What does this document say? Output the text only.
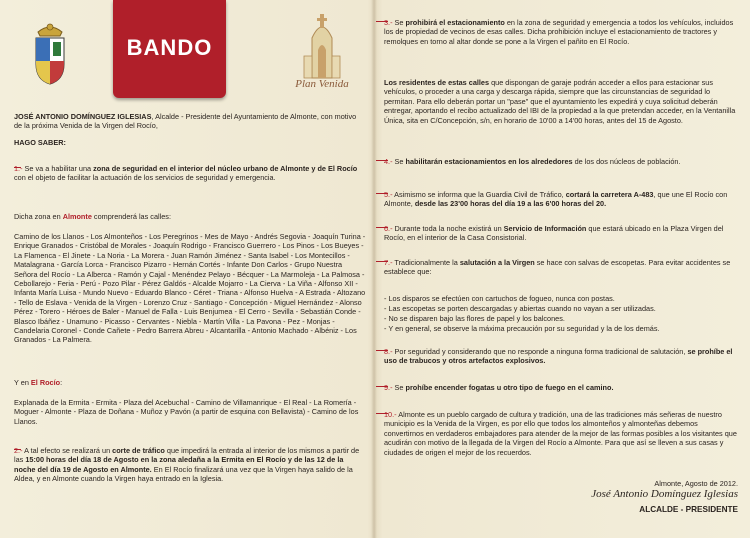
BANDO
Plan Venida

JOSÉ ANTONIO DOMÍNGUEZ IGLESIAS, Alcalde - Presidente del Ayuntamiento de Almonte, con motivo de la próxima Venida de la Virgen del Rocío,

HAGO SABER:

1.- Se va a habilitar una zona de seguridad en el interior del núcleo urbano de Almonte y de El Rocío con el objeto de facilitar la actuación de los servicios de seguridad y emergencia.

Dicha zona en Almonte comprenderá las calles:

Camino de los Llanos - Los Almonteños - Los Peregrinos - Mes de Mayo - Andrés Segovia - Joaquín Turina - Enrique Granados - Cristóbal de Morales - Joaquín Rodrigo - Francisco Guerrero - Los Pinos - Los Bueyes - La Flamenca - El Jinete - La Noria - La Morera - Juan Ramón Jiménez - Santa Isabel - Los Montecillos - Matalagrana - García Lorca - Francisco Pizarro - Hernán Cortés - Infante Don Carlos - Grupo Nuestra Señora del Rocío - La Alberca - Ramón y Cajal - Menéndez Pelayo - Bécquer - La Marmoleja - La Palmosa - Cebollarejo - Feria - Perú - Pozo Pilar - Pérez Galdós - Alcalde Mojarro - La Cierva - La Viña - Alfonso XII - Infanta María Luisa - Mundo Nuevo - Eduardo Blanco - Céret - Triana - Alfonso Huelva - A Estrada - Altozano - Tello de Eslava - Venida de la Virgen - Lorenzo Cruz - Santiago - Concepción - Miguel Hernández - Alonso Pérez - Torero - Héroes de Baler - Manuel de Falla - Luis Benjumea - El Cerro - Sevilla - Sebastián Conde - Blasco Ibáñez - Unamuno - Picasso - Cervantes - Niebla - Martín Villa - La Pavona - Pez - Monjas - Candelaria Coronel - Conde Cañete - Pedro Barrera Abreu - Alcantarilla - Antonio Machado - Albéniz - Los Granados - La Palmera.

Y en El Rocío:

Explanada de la Ermita - Ermita - Plaza del Acebuchal - Camino de Villamanrique - El Real - La Romería - Moguer - Almonte - Plaza de Doñana - Muñoz y Pavón (a partir de esquina con Bellavista) - Camino de los Llanos.

2.- A tal efecto se realizará un corte de tráfico que impedirá la entrada al interior de los mismos a partir de las 15:00 horas del día 18 de Agosto en la zona aledaña a la Ermita en El Rocío y de las 12 de la noche del día 19 de Agosto en Almonte. En El Rocío finalizará una vez que la Virgen haya salido de la Aldea, y en Almonte cuando la Virgen haya entrado en la Iglesia.

3.- Se prohibirá el estacionamiento en la zona de seguridad y emergencia a todos los vehículos, incluidos los de propiedad de vecinos de esas calles. Dicha prohibición incluye el estacionamiento de tractores y remolques en torno al altar donde se pone a la Virgen el pañito en El Rocío.

Los residentes de estas calles que dispongan de garaje podrán acceder a ellos para estacionar sus vehículos, o proceder a una carga y descarga rápida, siempre que las circunstancias de seguridad lo permitan. Para ello deberán portar un "pase" que el ayuntamiento les expedirá y cuya solicitud deberán entregar, aportando el recibo actualizado del IBI de la propiedad a la que pretendan acceder, en la Ventanilla Única, sita en C/Concepción, s/n, en horario de 10'00 a 14'00 horas, antes del 15 de Agosto.

4.- Se habilitarán estacionamientos en los alrededores de los dos núcleos de población.

5.- Asimismo se informa que la Guardia Civil de Tráfico, cortará la carretera A-483, que une El Rocío con Almonte, desde las 23'00 horas del día 19 a las 6'00 horas del 20.

6.- Durante toda la noche existirá un Servicio de Información que estará ubicado en la Plaza Virgen del Rocío, en el interior de la Casa Consistorial.

7.- Tradicionalmente la salutación a la Virgen se hace con salvas de escopetas. Para evitar accidentes se establece que:

- Los disparos se efectúen con cartuchos de fogueo, nunca con postas.

- Las escopetas se porten descargadas y abiertas cuando no vayan a ser utilizadas.

- No se disparen bajo las flores de papel y los balcones.

- Y en general, se observe la máxima precaución por su seguridad y la de los demás.

8.- Por seguridad y considerando que no responde a ninguna forma tradicional de salutación, se prohíbe el uso de trabucos y otros artefactos explosivos.

9.- Se prohíbe encender fogatas u otro tipo de fuego en el camino.

10.- Almonte es un pueblo cargado de cultura y tradición, una de las tradiciones más señeras de nuestro municipio es la Venida de la Virgen, es por ello que todos los almonteños y almonteñas debemos convertirnos en verdaderos embajadores para atender de la mejor de las formas posibles a los visitantes que acudirán con motivo de la llegada de la Virgen del Rocío a Almonte. Para que así se lleven a sus casas y ciudades de origen el mejor de los recuerdos.

Almonte, Agosto de 2012.

José Antonio Domínguez Iglesias

ALCALDE - PRESIDENTE
